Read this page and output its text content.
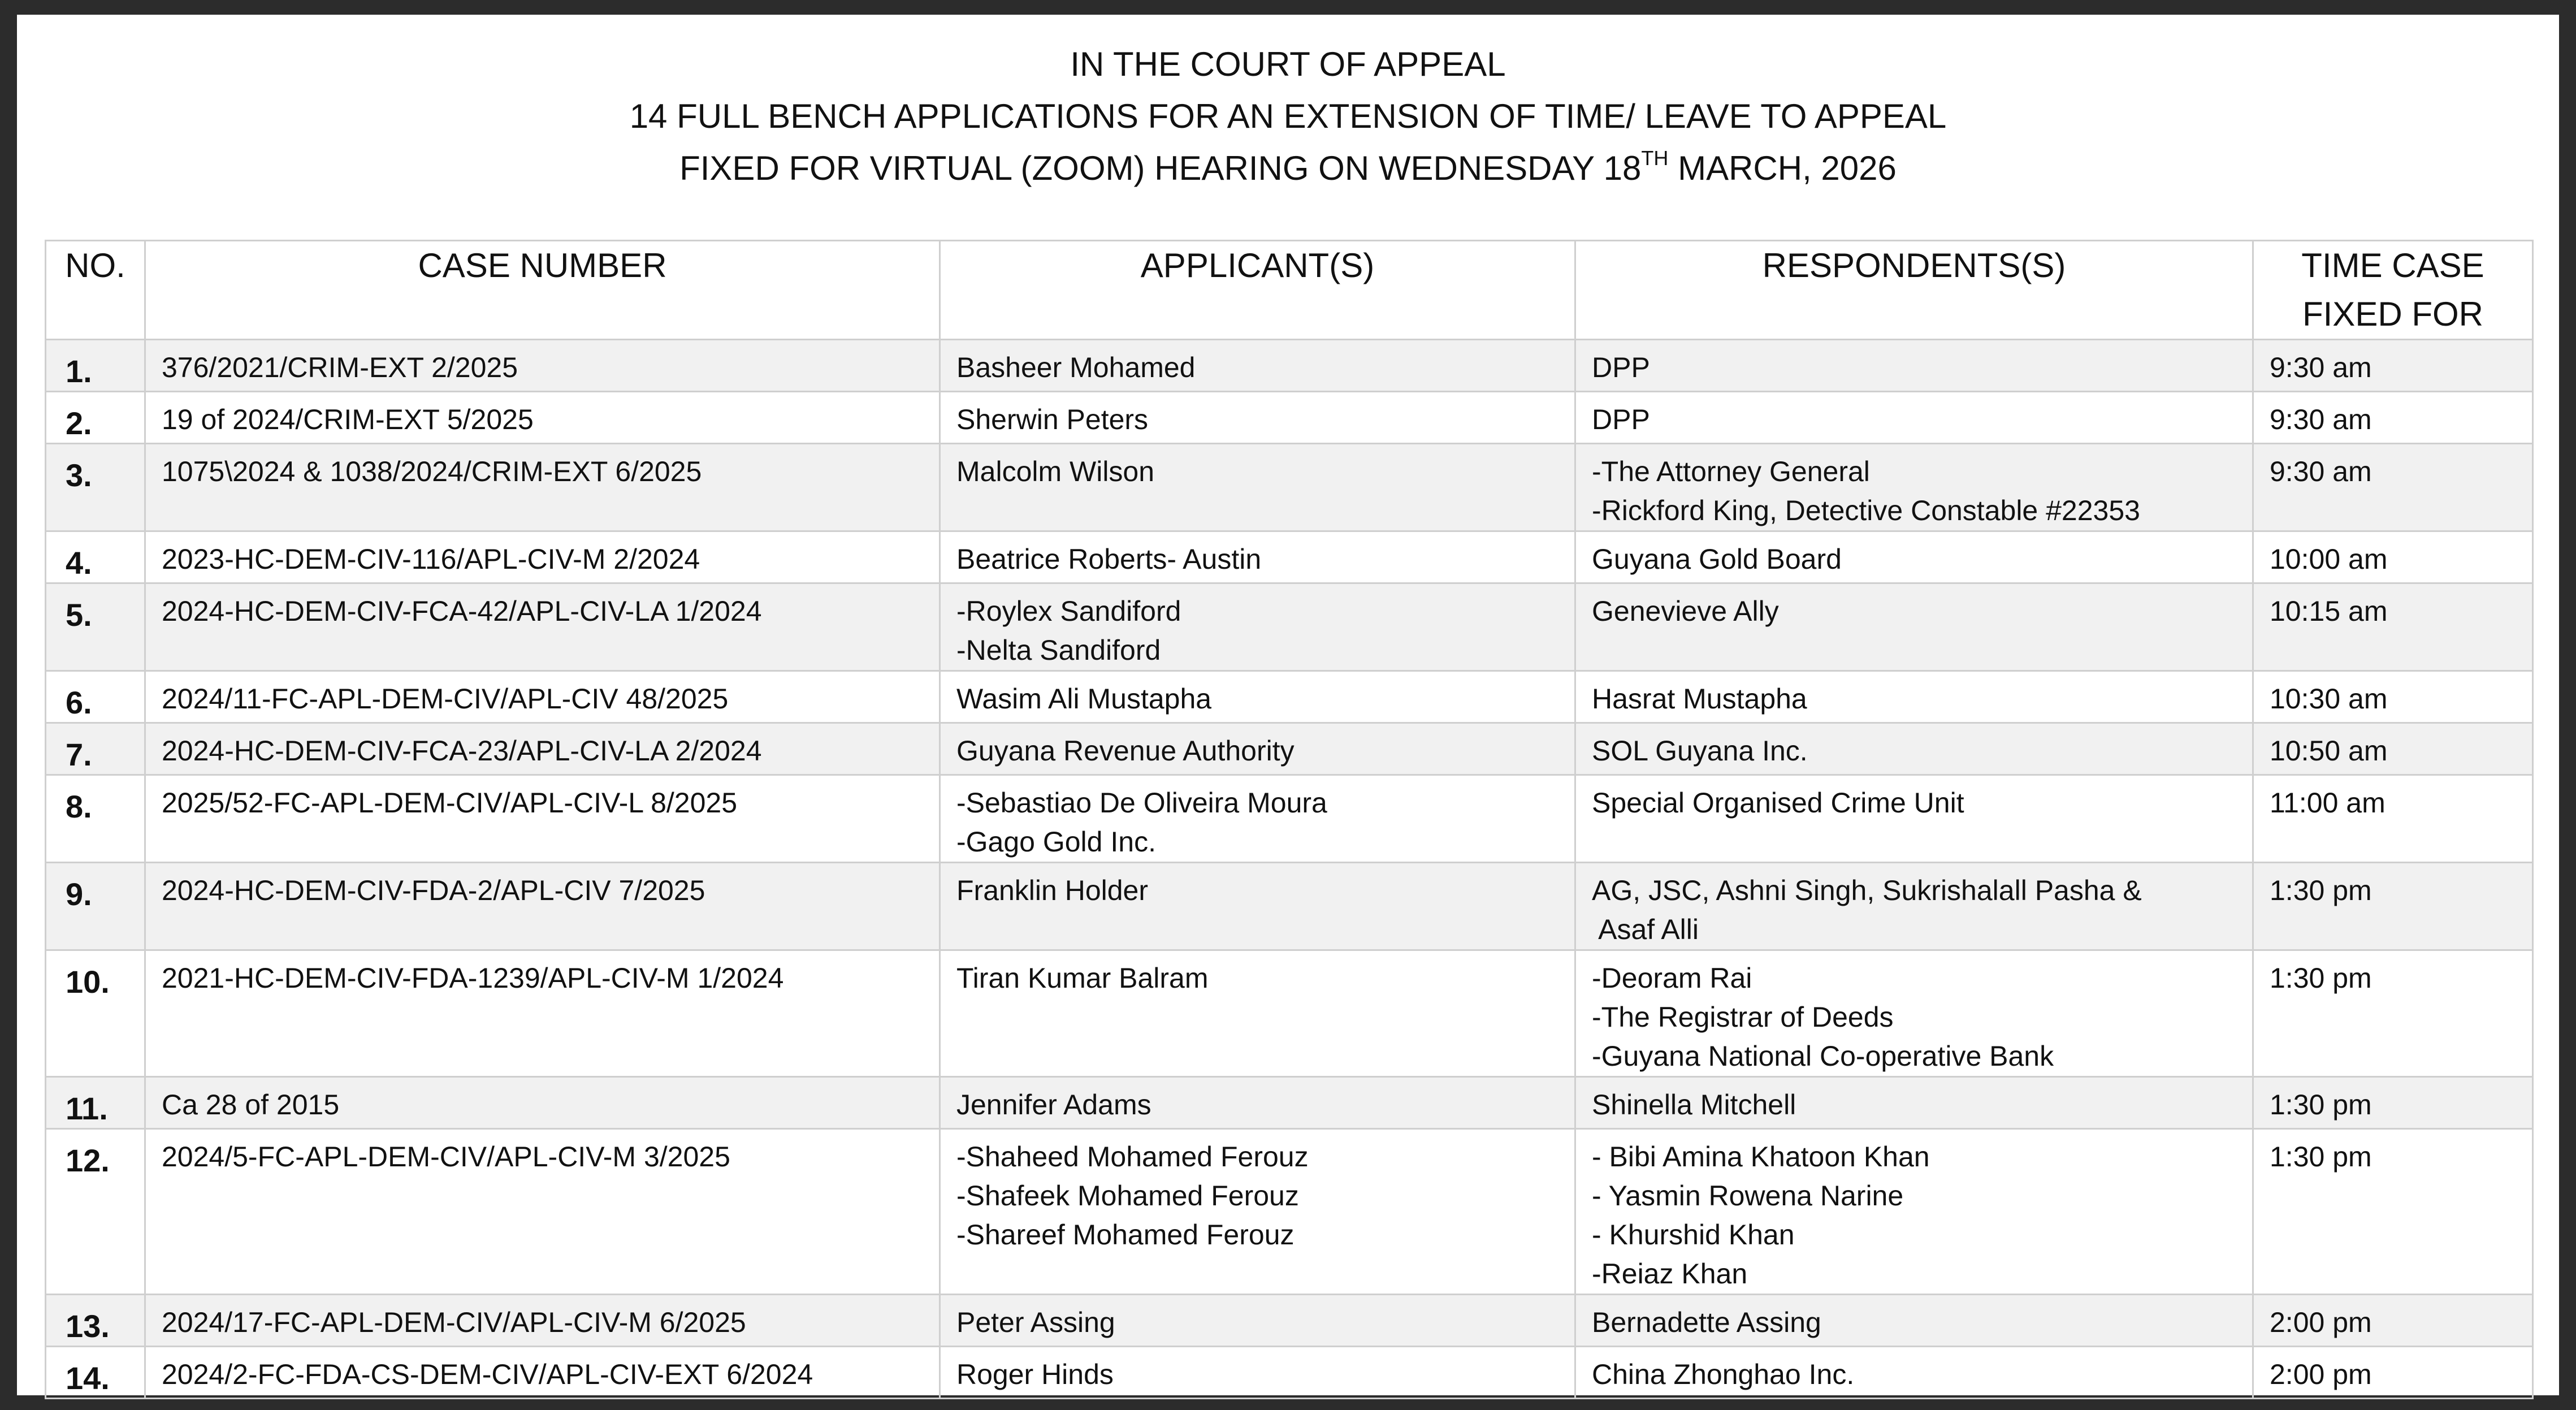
IN THE COURT OF APPEAL
14 FULL BENCH APPLICATIONS FOR AN EXTENSION OF TIME/ LEAVE TO APPEAL
FIXED FOR VIRTUAL (ZOOM) HEARING ON WEDNESDAY 18TH MARCH, 2026
NO.	CASE NUMBER	APPLICANT(S)	RESPONDENTS(S)	TIME CASE
FIXED FOR

1.	376/2021/CRIM-EXT 2/2025	Basheer Mohamed	DPP	9:30 am
2.	19 of 2024/CRIM-EXT 5/2025	Sherwin Peters	DPP	9:30 am
3.	1075\2024 & 1038/2024/CRIM-EXT 6/2025	Malcolm Wilson	-The Attorney General
-Rickford King, Detective Constable #22353	9:30 am
4.	2023-HC-DEM-CIV-116/APL-CIV-M 2/2024	Beatrice Roberts- Austin	Guyana Gold Board	10:00 am
5.	2024-HC-DEM-CIV-FCA-42/APL-CIV-LA 1/2024	-Roylex Sandiford
-Nelta Sandiford	Genevieve Ally	10:15 am
6.	2024/11-FC-APL-DEM-CIV/APL-CIV 48/2025	Wasim Ali Mustapha	Hasrat Mustapha	10:30 am
7.	2024-HC-DEM-CIV-FCA-23/APL-CIV-LA 2/2024	Guyana Revenue Authority	SOL Guyana Inc.	10:50 am
8.	2025/52-FC-APL-DEM-CIV/APL-CIV-L 8/2025	-Sebastiao De Oliveira Moura
-Gago Gold Inc.	Special Organised Crime Unit	11:00 am
9.	2024-HC-DEM-CIV-FDA-2/APL-CIV 7/2025	Franklin Holder	AG, JSC, Ashni Singh, Sukrishalall Pasha &
Asaf Alli	1:30 pm
10.	2021-HC-DEM-CIV-FDA-1239/APL-CIV-M 1/2024	Tiran Kumar Balram	-Deoram Rai
-The Registrar of Deeds
-Guyana National Co-operative Bank	1:30 pm
11.	Ca 28 of 2015	Jennifer Adams	Shinella Mitchell	1:30 pm
12.	2024/5-FC-APL-DEM-CIV/APL-CIV-M 3/2025	-Shaheed Mohamed Ferouz
-Shafeek Mohamed Ferouz
-Shareef Mohamed Ferouz	- Bibi Amina Khatoon Khan
- Yasmin Rowena Narine
- Khurshid Khan
-Reiaz Khan	1:30 pm
13.	2024/17-FC-APL-DEM-CIV/APL-CIV-M 6/2025	Peter Assing	Bernadette Assing	2:00 pm
14.	2024/2-FC-FDA-CS-DEM-CIV/APL-CIV-EXT 6/2024	Roger Hinds	China Zhonghao Inc.	2:00 pm
